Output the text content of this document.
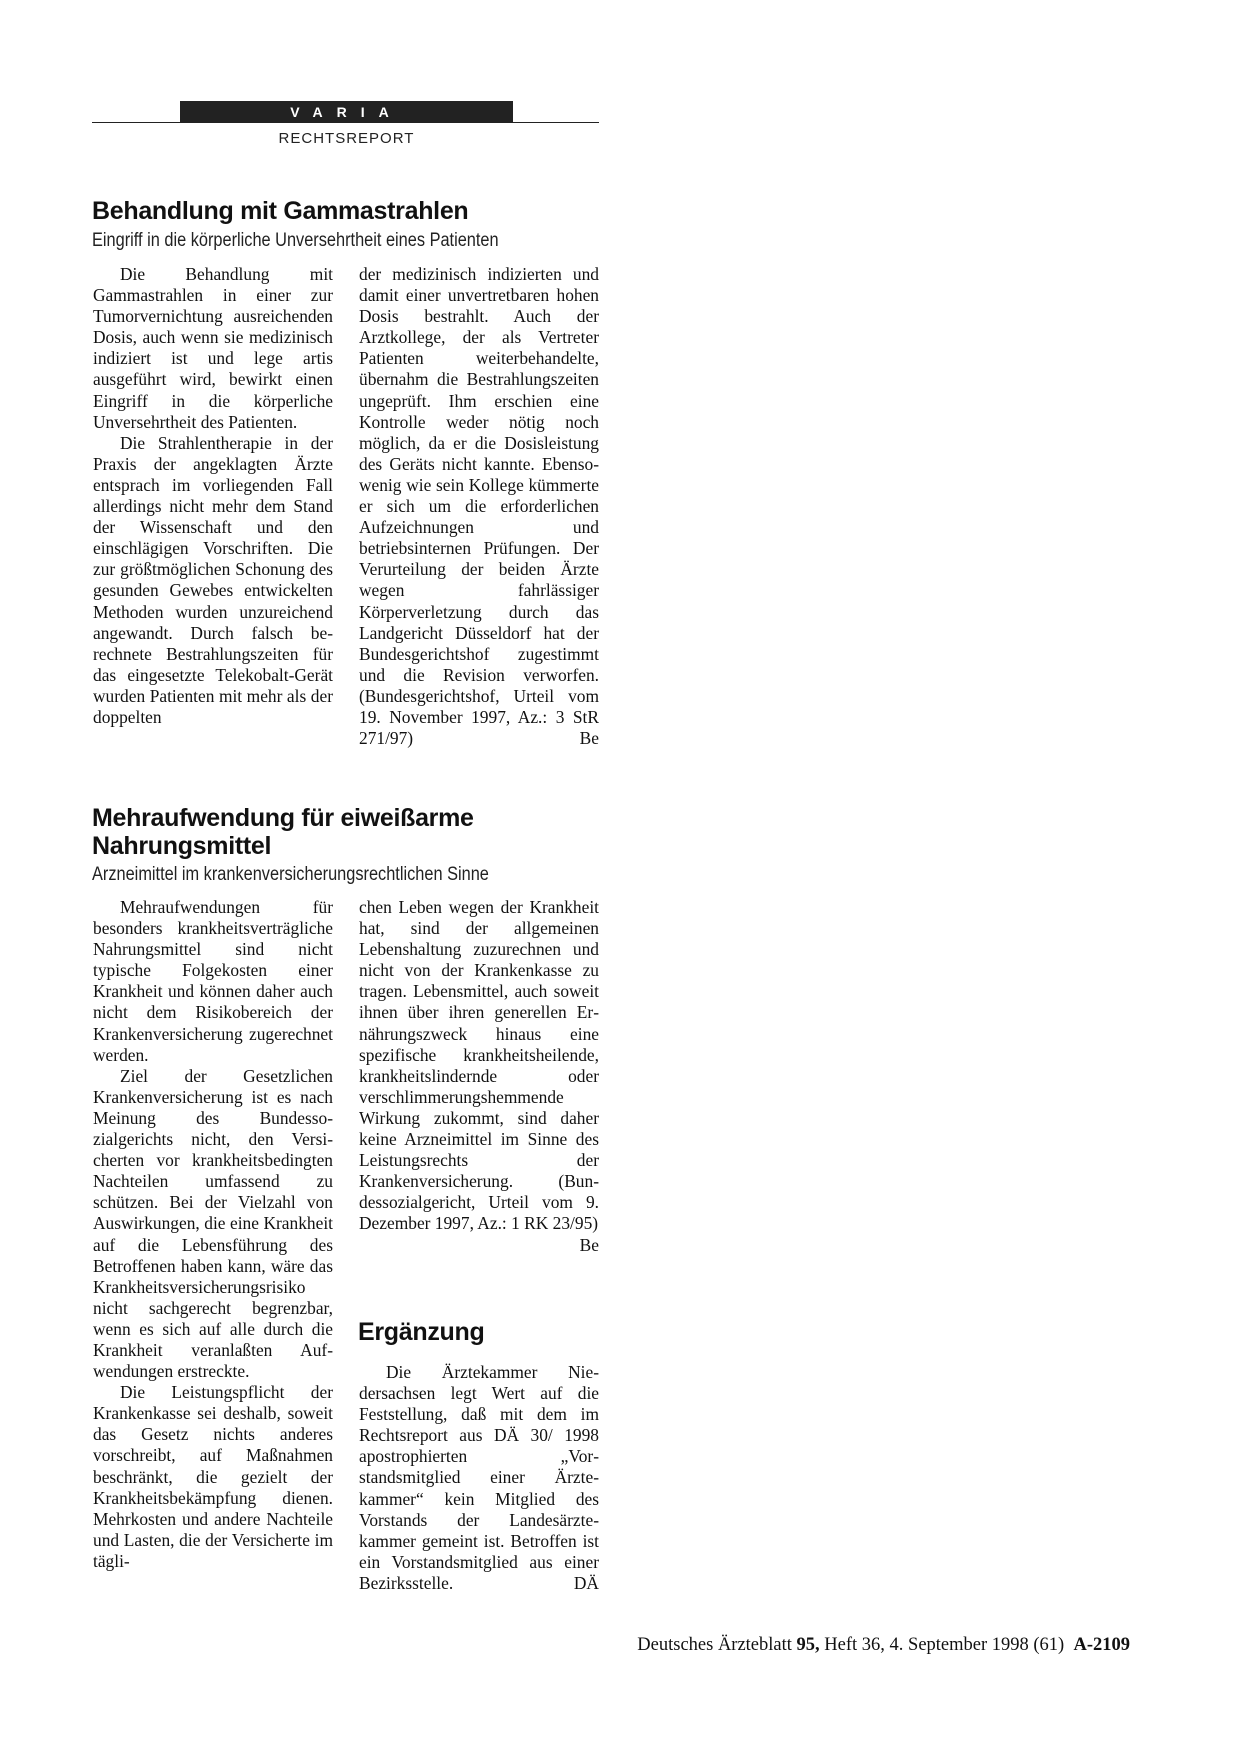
VARIA
RECHTSREPORT
Behandlung mit Gammastrahlen
Eingriff in die körperliche Unversehrtheit eines Patienten

Die Behandlung mit Gammastrahlen in einer zur Tumorvernichtung ausreichenden Dosis, auch wenn sie medizinisch indiziert ist und lege artis ausgeführt wird, bewirkt einen Eingriff in die körperliche Unversehrtheit des Patienten.

Die Strahlentherapie in der Praxis der angeklagten Ärzte entsprach im vorliegenden Fall allerdings nicht mehr dem Stand der Wissenschaft und den einschlägigen Vorschriften. Die zur größtmöglichen Schonung des gesunden Gewebes entwickelten Methoden wurden unzureichend angewandt. Durch falsch berechnete Bestrahlungszeiten für das eingesetzte Telekobalt-Gerät wurden Patienten mit mehr als der doppelten

der medizinisch indizierten und damit einer unvertretbaren hohen Dosis bestrahlt. Auch der Arztkollege, der als Vertreter Patienten weiterbehandelte, übernahm die Bestrahlungszeiten ungeprüft. Ihm erschien eine Kontrolle weder nötig noch möglich, da er die Dosisleistung des Geräts nicht kannte. Ebensowenig wie sein Kollege kümmerte er sich um die erforderlichen Aufzeichnungen und betriebsinternen Prüfungen. Der Verurteilung der beiden Ärzte wegen fahrlässiger Körperverletzung durch das Landgericht Düsseldorf hat der Bundesgerichtshof zugestimmt und die Revision verworfen. (Bundesgerichtshof, Urteil vom 19. November 1997, Az.: 3 StR 271/97)	Be

Mehraufwendung für eiweißarme
Nahrungsmittel
Arzneimittel im krankenversicherungsrechtlichen Sinne

Mehraufwendungen für besonders krankheitsverträgliche Nahrungsmittel sind nicht typische Folgekosten einer Krankheit und können daher auch nicht dem Risikobereich der Krankenversicherung zugerechnet werden.

Ziel der Gesetzlichen Krankenversicherung ist es nach Meinung des Bundessozialgerichts nicht, den Versicherten vor krankheitsbedingten Nachteilen umfassend zu schützen. Bei der Vielzahl von Auswirkungen, die eine Krankheit auf die Lebensführung des Betroffenen haben kann, wäre das Krankheitsversicherungsrisiko nicht sachgerecht begrenzbar, wenn es sich auf alle durch die Krankheit veranlaßten Aufwendungen erstreckte.

Die Leistungspflicht der Krankenkasse sei deshalb, soweit das Gesetz nichts anderes vorschreibt, auf Maßnahmen beschränkt, die gezielt der Krankheitsbekämpfung dienen. Mehrkosten und andere Nachteile und Lasten, die der Versicherte im tägli-

chen Leben wegen der Krankheit hat, sind der allgemeinen Lebenshaltung zuzurechnen und nicht von der Krankenkasse zu tragen. Lebensmittel, auch soweit ihnen über ihren generellen Ernährungszweck hinaus eine spezifische krankheitsheilende, krankheitslindernde oder verschlimmerungshemmende Wirkung zukommt, sind daher keine Arzneimittel im Sinne des Leistungsrechts der Krankenversicherung. (Bundessozialgericht, Urteil vom 9. Dezember 1997, Az.: 1 RK 23/95)
Be

Ergänzung

Die Ärztekammer Niedersachsen legt Wert auf die Feststellung, daß mit dem im Rechtsreport aus DÄ 30/ 1998 apostrophierten „Vorstandsmitglied einer Ärztekammer“ kein Mitglied des Vorstands der Landesärztekammer gemeint ist. Betroffen ist ein Vorstandsmitglied aus einer Bezirksstelle.	DÄ

Deutsches Ärzteblatt 95, Heft 36, 4. September 1998 (61) A-2109
